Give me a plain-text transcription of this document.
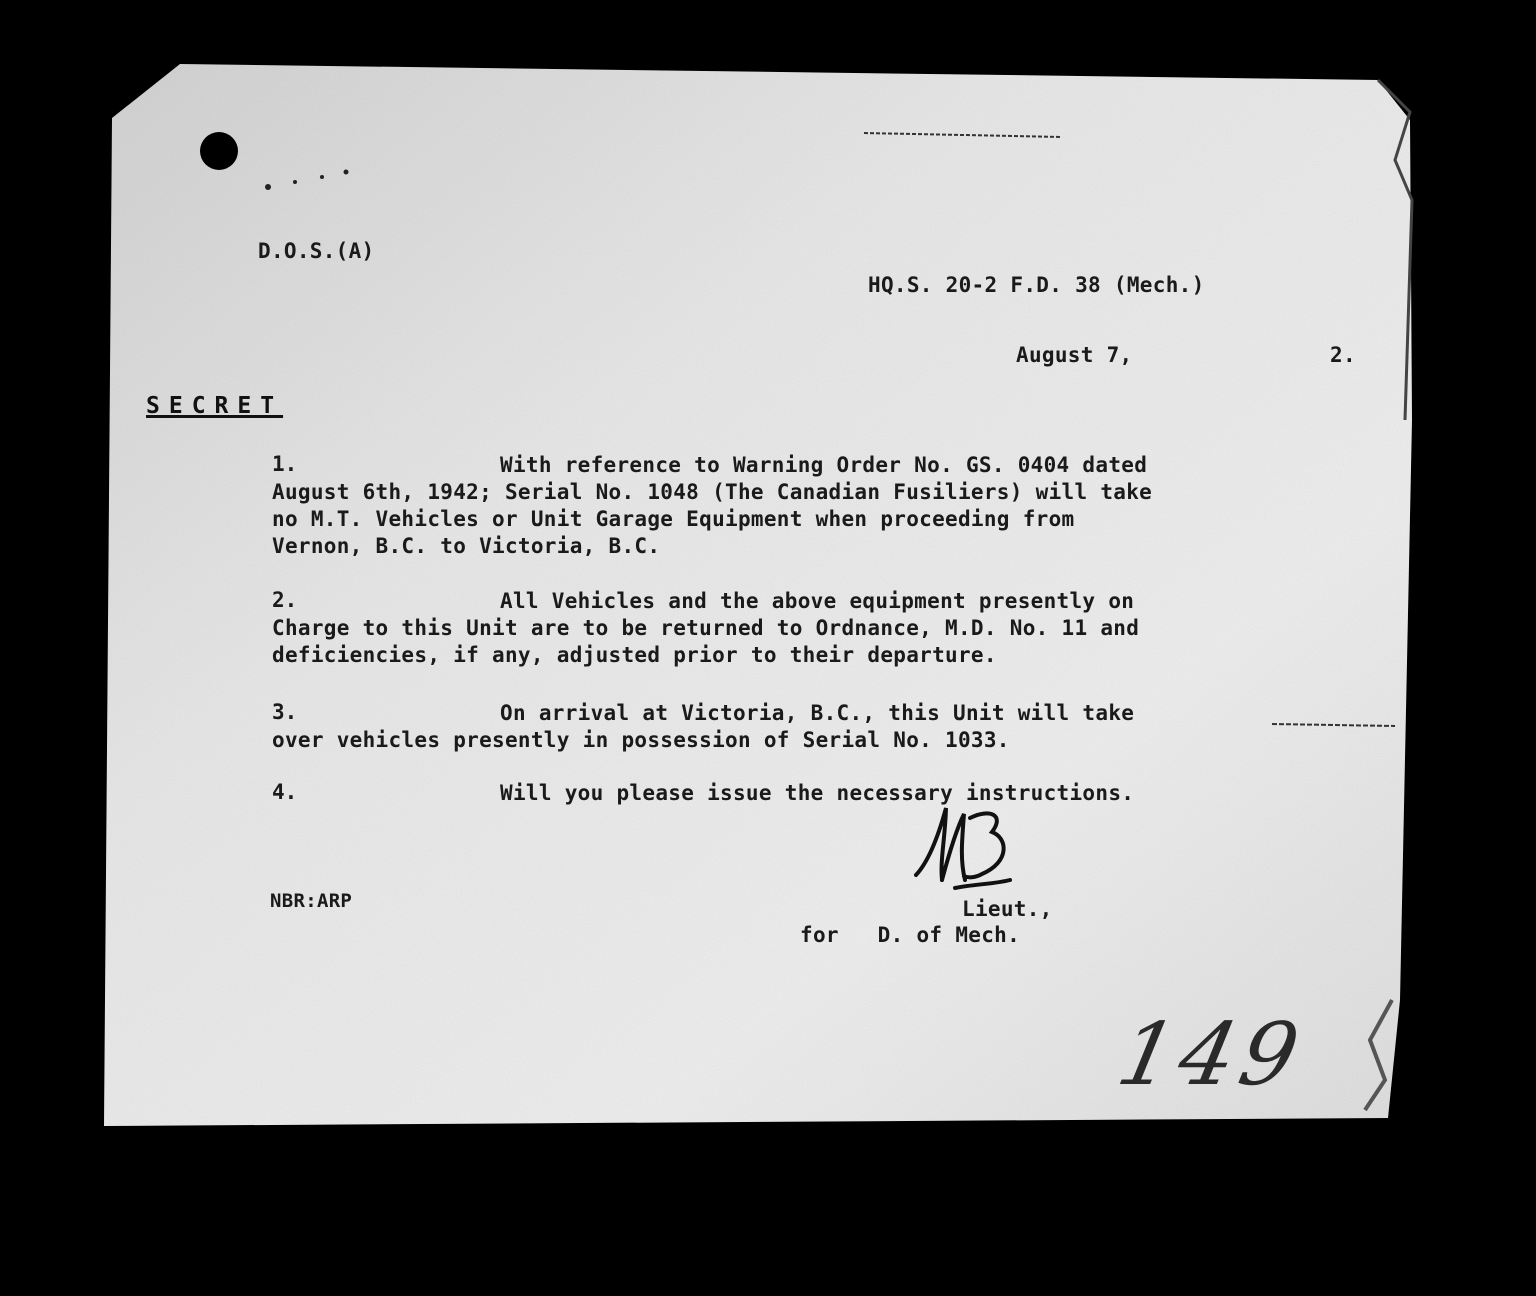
D.O.S.(A)
HQ.S. 20-2 F.D. 38 (Mech.)
August 7,	2.
SECRET
1.	With reference to Warning Order No. GS. 0404 dated
August 6th, 1942; Serial No. 1048 (The Canadian Fusiliers) will take
no M.T. Vehicles or Unit Garage Equipment when proceeding from
Vernon, B.C. to Victoria, B.C.
2.	All Vehicles and the above equipment presently on
Charge to this Unit are to be returned to Ordnance, M.D. No. 11 and
deficiencies, if any, adjusted prior to their departure.
3.	On arrival at Victoria, B.C., this Unit will take
over vehicles presently in possession of Serial No. 1033.
4.	Will you please issue the necessary instructions.
NBR:ARP	Lieut.,
for   D. of Mech.
149
